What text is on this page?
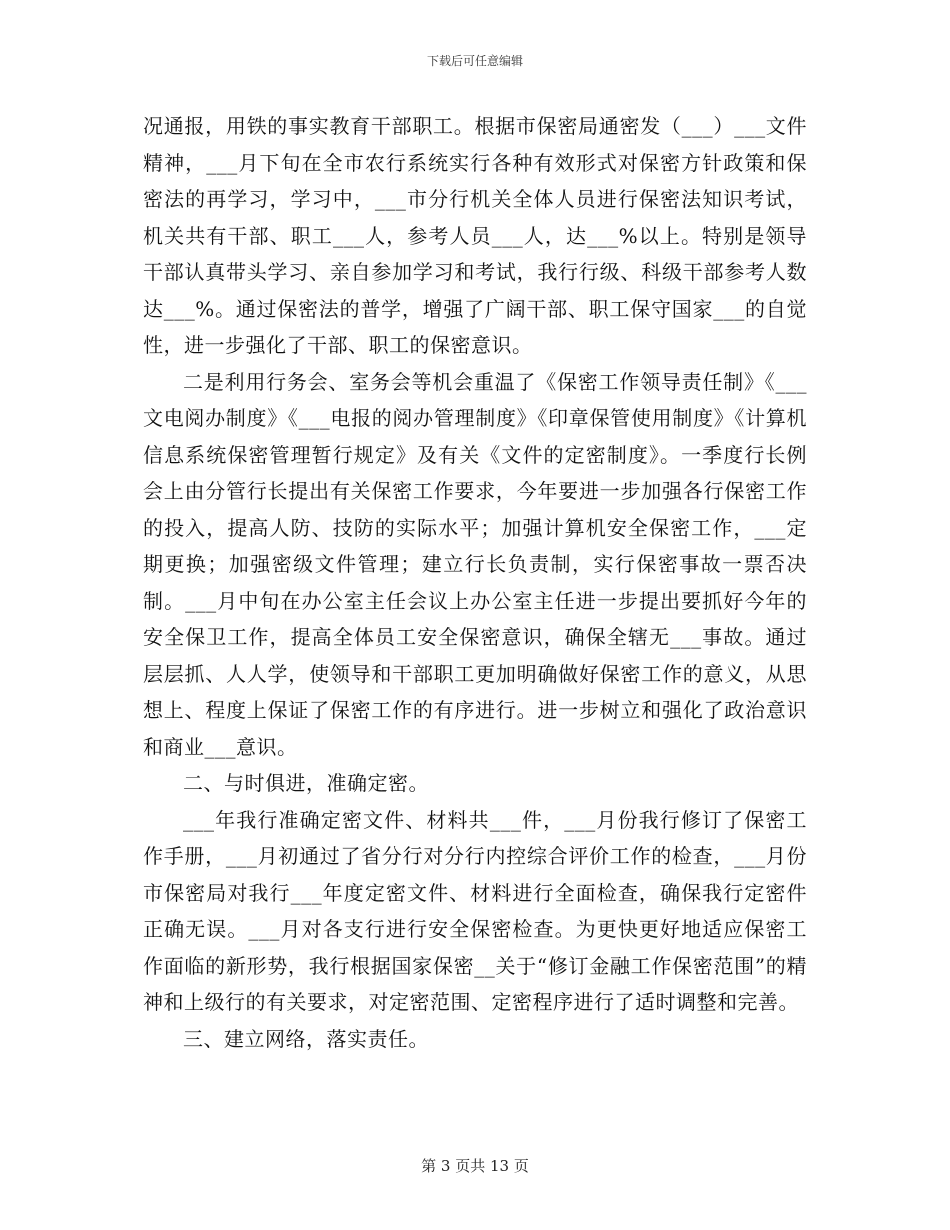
下载后可任意编辑

况通报，用铁的事实教育干部职工。根据市保密局通密发（___）___文件精神，___月下旬在全市农行系统实行各种有效形式对保密方针政策和保密法的再学习，学习中，___市分行机关全体人员进行保密法知识考试，机关共有干部、职工___人，参考人员___人，达___%以上。特别是领导干部认真带头学习、亲自参加学习和考试，我行行级、科级干部参考人数达___%。通过保密法的普学，增强了广阔干部、职工保守国家___的自觉性，进一步强化了干部、职工的保密意识。

二是利用行务会、室务会等机会重温了《保密工作领导责任制》《___文电阅办制度》《___电报的阅办管理制度》《印章保管使用制度》《计算机信息系统保密管理暂行规定》及有关《文件的定密制度》。一季度行长例会上由分管行长提出有关保密工作要求，今年要进一步加强各行保密工作的投入，提高人防、技防的实际水平；加强计算机安全保密工作，___定期更换；加强密级文件管理；建立行长负责制，实行保密事故一票否决制。___月中旬在办公室主任会议上办公室主任进一步提出要抓好今年的安全保卫工作，提高全体员工安全保密意识，确保全辖无___事故。通过层层抓、人人学，使领导和干部职工更加明确做好保密工作的意义，从思想上、程度上保证了保密工作的有序进行。进一步树立和强化了政治意识和商业___意识。

二、与时俱进，准确定密。

___年我行准确定密文件、材料共___件，___月份我行修订了保密工作手册，___月初通过了省分行对分行内控综合评价工作的检查，___月份市保密局对我行___年度定密文件、材料进行全面检查，确保我行定密件正确无误。___月对各支行进行安全保密检查。为更快更好地适应保密工作面临的新形势，我行根据国家保密__关于“修订金融工作保密范围”的精神和上级行的有关要求，对定密范围、定密程序进行了适时调整和完善。

三、建立网络，落实责任。

第 3 页共 13 页
